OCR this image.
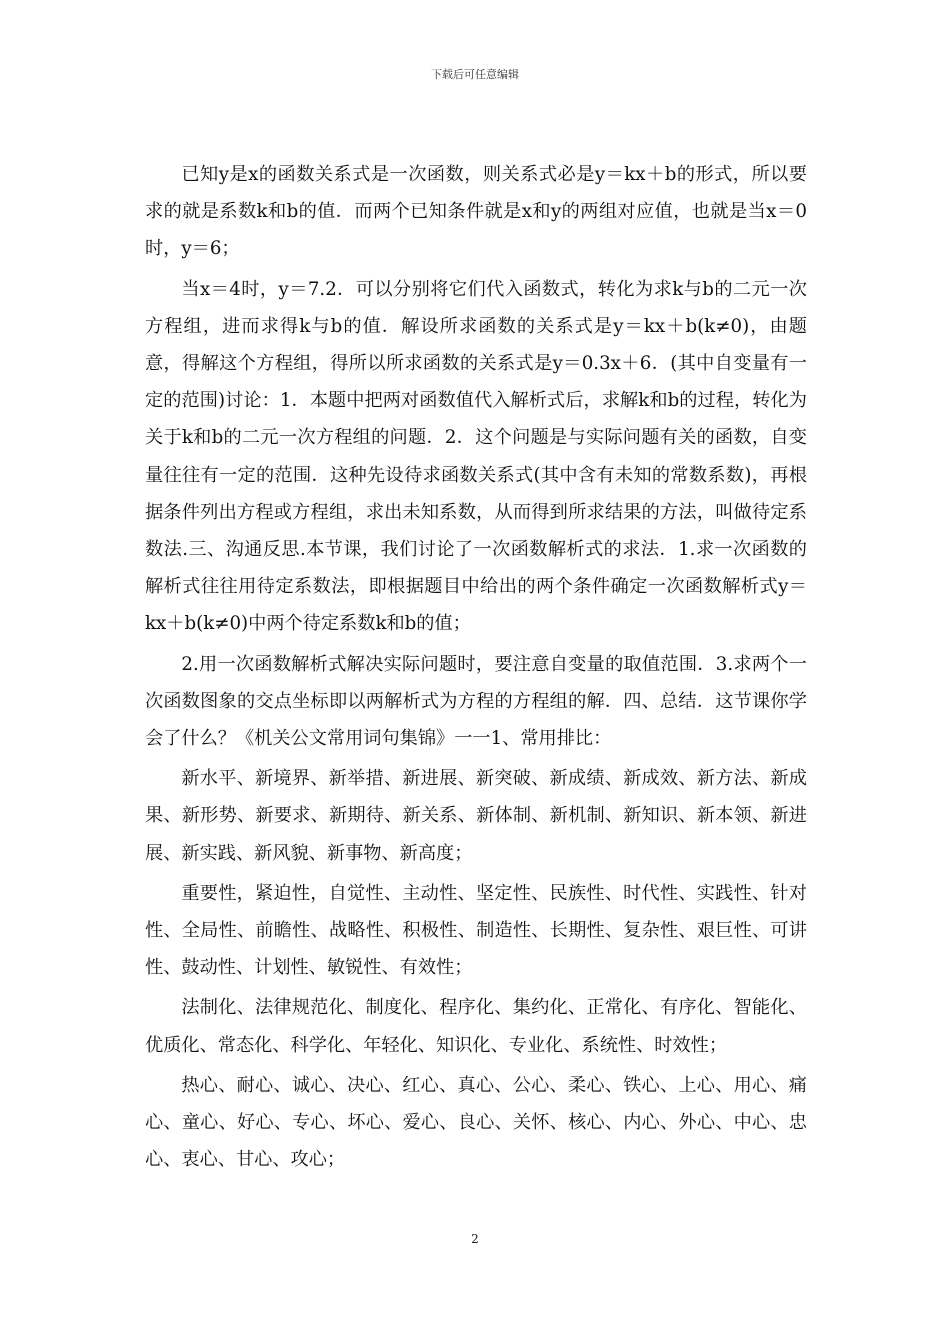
下载后可任意编辑

已知y是x的函数关系式是一次函数，则关系式必是y＝kx＋b的形式，所以要求的就是系数k和b的值．而两个已知条件就是x和y的两组对应值，也就是当x＝0时，y＝6；

当x＝4时，y＝7.2．可以分别将它们代入函数式，转化为求k与b的二元一次方程组，进而求得k与b的值．解设所求函数的关系式是y＝kx＋b(k≠0)，由题意，得解这个方程组，得所以所求函数的关系式是y＝0.3x＋6．(其中自变量有一定的范围)讨论：1．本题中把两对函数值代入解析式后，求解k和b的过程，转化为关于k和b的二元一次方程组的问题．2．这个问题是与实际问题有关的函数，自变量往往有一定的范围．这种先设待求函数关系式(其中含有未知的常数系数)，再根据条件列出方程或方程组，求出未知系数，从而得到所求结果的方法，叫做待定系数法.三、沟通反思.本节课，我们讨论了一次函数解析式的求法．1.求一次函数的解析式往往用待定系数法，即根据题目中给出的两个条件确定一次函数解析式y＝kx＋b(k≠0)中两个待定系数k和b的值；

2.用一次函数解析式解决实际问题时，要注意自变量的取值范围．3.求两个一次函数图象的交点坐标即以两解析式为方程的方程组的解．四、总结．这节课你学会了什么？《机关公文常用词句集锦》一一1、常用排比：

新水平、新境界、新举措、新进展、新突破、新成绩、新成效、新方法、新成果、新形势、新要求、新期待、新关系、新体制、新机制、新知识、新本领、新进展、新实践、新风貌、新事物、新高度；

重要性，紧迫性，自觉性、主动性、坚定性、民族性、时代性、实践性、针对性、全局性、前瞻性、战略性、积极性、制造性、长期性、复杂性、艰巨性、可讲性、鼓动性、计划性、敏锐性、有效性；

法制化、法律规范化、制度化、程序化、集约化、正常化、有序化、智能化、优质化、常态化、科学化、年轻化、知识化、专业化、系统性、时效性；

热心、耐心、诚心、决心、红心、真心、公心、柔心、铁心、上心、用心、痛心、童心、好心、专心、坏心、爱心、良心、关怀、核心、内心、外心、中心、忠心、衷心、甘心、攻心；

2
